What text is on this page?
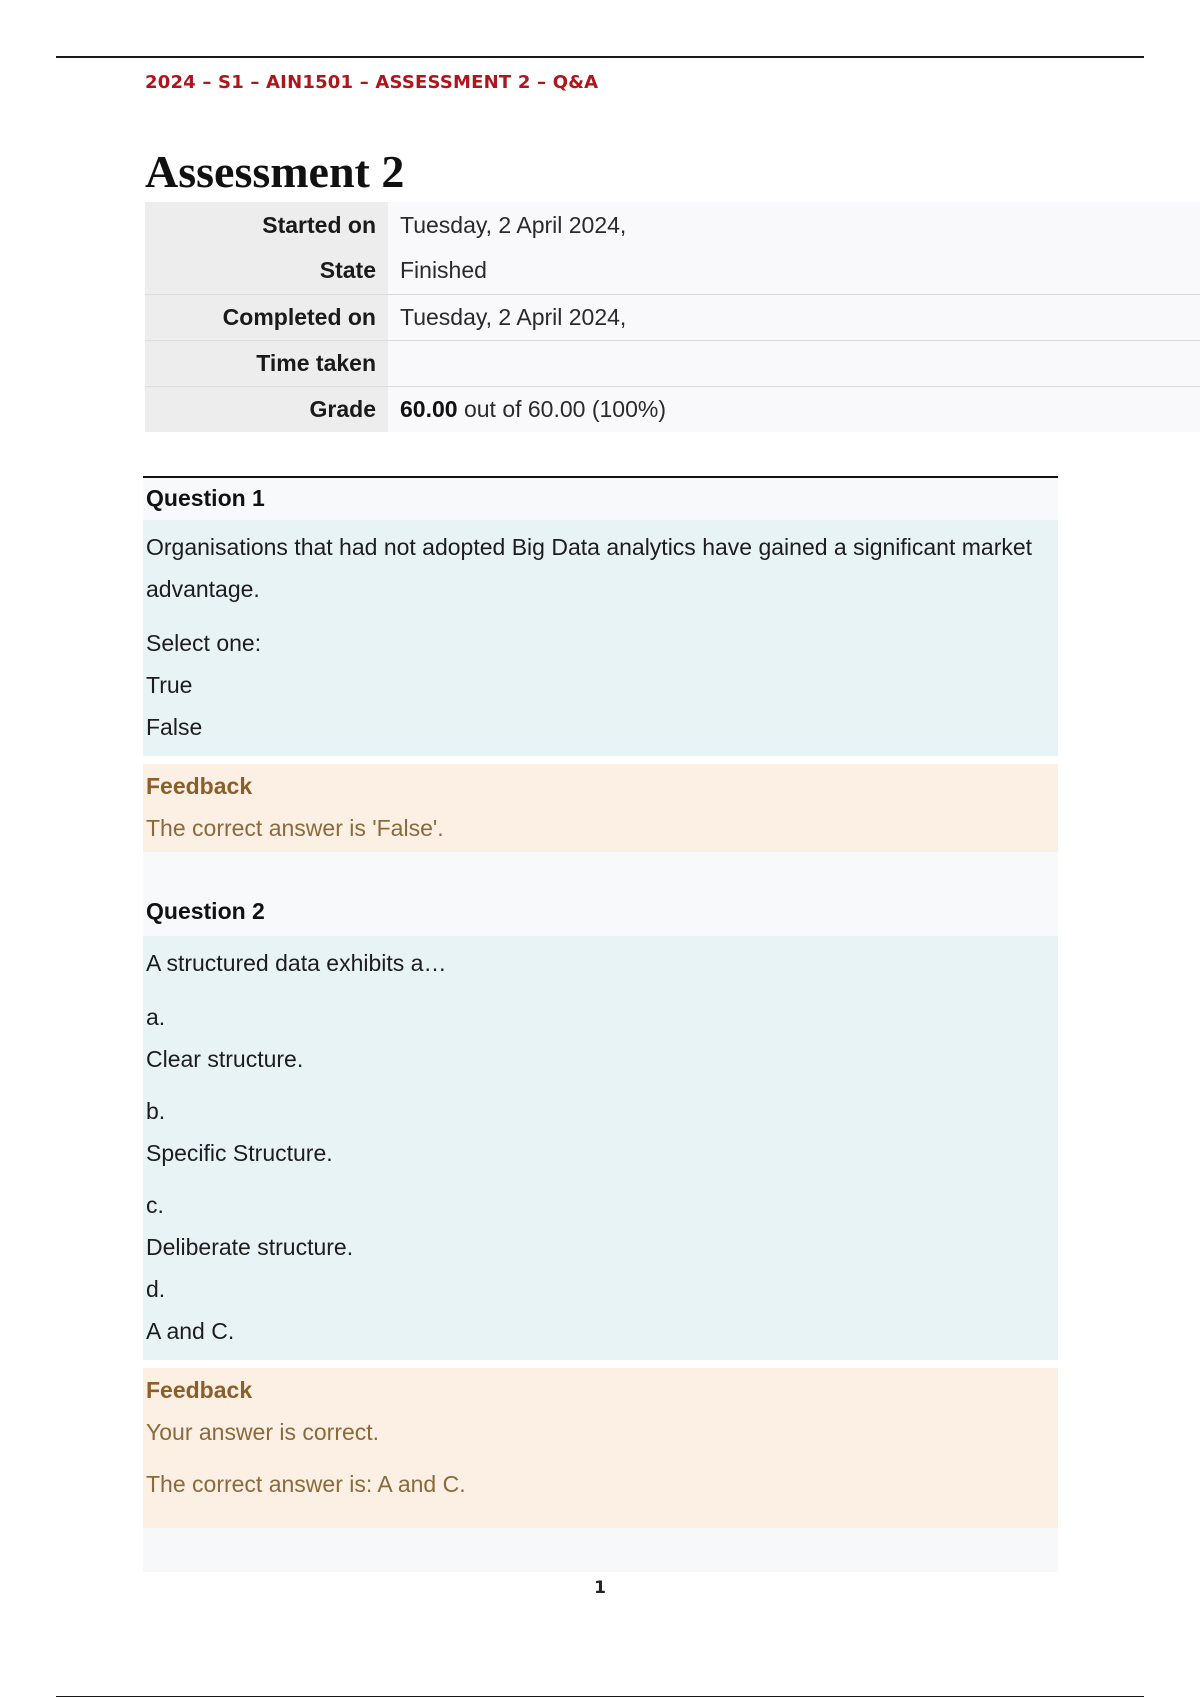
2024 – S1 – AIN1501 – ASSESSMENT 2 – Q&A
Assessment 2
Started on	Tuesday, 2 April 2024,
State	Finished
Completed on	Tuesday, 2 April 2024,
Time taken	
Grade	60.00 out of 60.00 (100%)
Question 1

Organisations that had not adopted Big Data analytics have gained a significant market advantage.

Select one:

True

False

Feedback

The correct answer is 'False'.

Question 2

A structured data exhibits a…

a.

Clear structure.

b.

Specific Structure.

c.

Deliberate structure.

d.

A and C.

Feedback

Your answer is correct.

The correct answer is: A and C.

1
